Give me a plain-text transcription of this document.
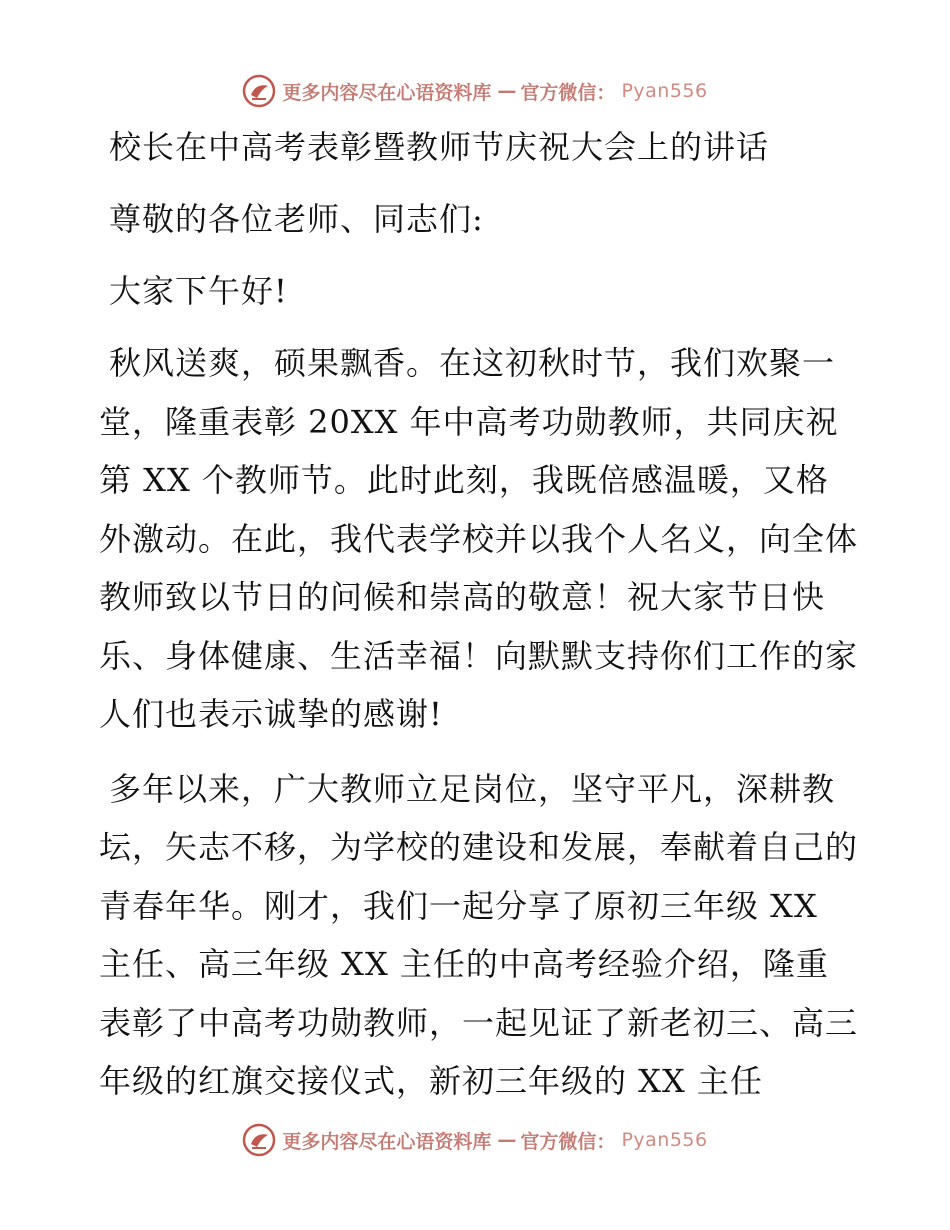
更多内容尽在心语资料库 — 官方微信： Pyan556
校长在中高考表彰暨教师节庆祝大会上的讲话
尊敬的各位老师、同志们:
大家下午好!

秋风送爽，硕果飘香。在这初秋时节，我们欢聚一堂，隆重表彰 20XX 年中高考功勋教师，共同庆祝第 XX 个教师节。此时此刻，我既倍感温暖，又格外激动。在此，我代表学校并以我个人名义，向全体教师致以节日的问候和崇高的敬意！祝大家节日快乐、身体健康、生活幸福！向默默支持你们工作的家人们也表示诚挚的感谢!

多年以来，广大教师立足岗位，坚守平凡，深耕教坛，矢志不移，为学校的建设和发展，奉献着自己的青春年华。刚才，我们一起分享了原初三年级 XX 主任、高三年级 XX 主任的中高考经验介绍，隆重表彰了中高考功勋教师，一起见证了新老初三、高三年级的红旗交接仪式，新初三年级的 XX 主任

更多内容尽在心语资料库 — 官方微信： Pyan556
